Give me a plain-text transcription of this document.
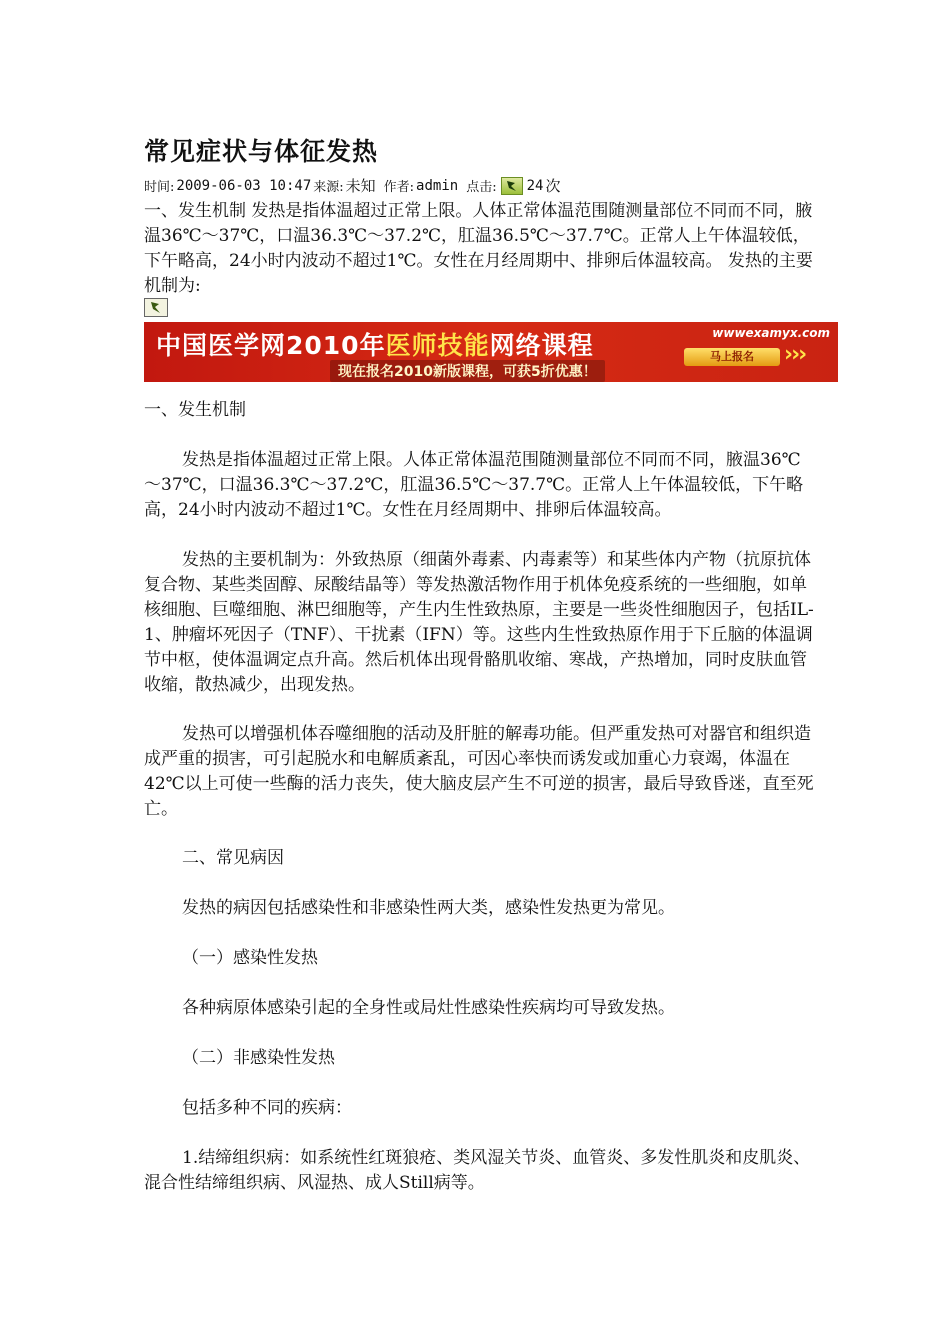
常见症状与体征发热
时间: 2009-06-03 10:47 来源: 未知 作者: admin 点击: 24 次
一、发生机制 发热是指体温超过正常上限。人体正常体温范围随测量部位不同而不同，腋温36℃～37℃，口温36.3℃～37.2℃，肛温36.5℃～37.7℃。正常人上午体温较低，下午略高，24小时内波动不超过1℃。女性在月经周期中、排卵后体温较高。 发热的主要机制为:
中国医学网2010年医师技能网络课程	wwwexamyx.com
马上报名	›››
现在报名2010新版课程，可获5折优惠！
一、发生机制
发热是指体温超过正常上限。人体正常体温范围随测量部位不同而不同，腋温36℃～37℃，口温36.3℃～37.2℃，肛温36.5℃～37.7℃。正常人上午体温较低，下午略高，24小时内波动不超过1℃。女性在月经周期中、排卵后体温较高。
发热的主要机制为：外致热原（细菌外毒素、内毒素等）和某些体内产物（抗原抗体复合物、某些类固醇、尿酸结晶等）等发热激活物作用于机体免疫系统的一些细胞，如单核细胞、巨噬细胞、淋巴细胞等，产生内生性致热原，主要是一些炎性细胞因子，包括IL-1、肿瘤坏死因子（TNF）、干扰素（IFN）等。这些内生性致热原作用于下丘脑的体温调节中枢，使体温调定点升高。然后机体出现骨骼肌收缩、寒战，产热增加，同时皮肤血管收缩，散热减少，出现发热。
发热可以增强机体吞噬细胞的活动及肝脏的解毒功能。但严重发热可对器官和组织造成严重的损害，可引起脱水和电解质紊乱，可因心率快而诱发或加重心力衰竭，体温在42℃以上可使一些酶的活力丧失，使大脑皮层产生不可逆的损害，最后导致昏迷，直至死亡。
二、常见病因
发热的病因包括感染性和非感染性两大类，感染性发热更为常见。
（一）感染性发热
各种病原体感染引起的全身性或局灶性感染性疾病均可导致发热。
（二）非感染性发热
包括多种不同的疾病：
1.结缔组织病：如系统性红斑狼疮、类风湿关节炎、血管炎、多发性肌炎和皮肌炎、混合性结缔组织病、风湿热、成人Still病等。
